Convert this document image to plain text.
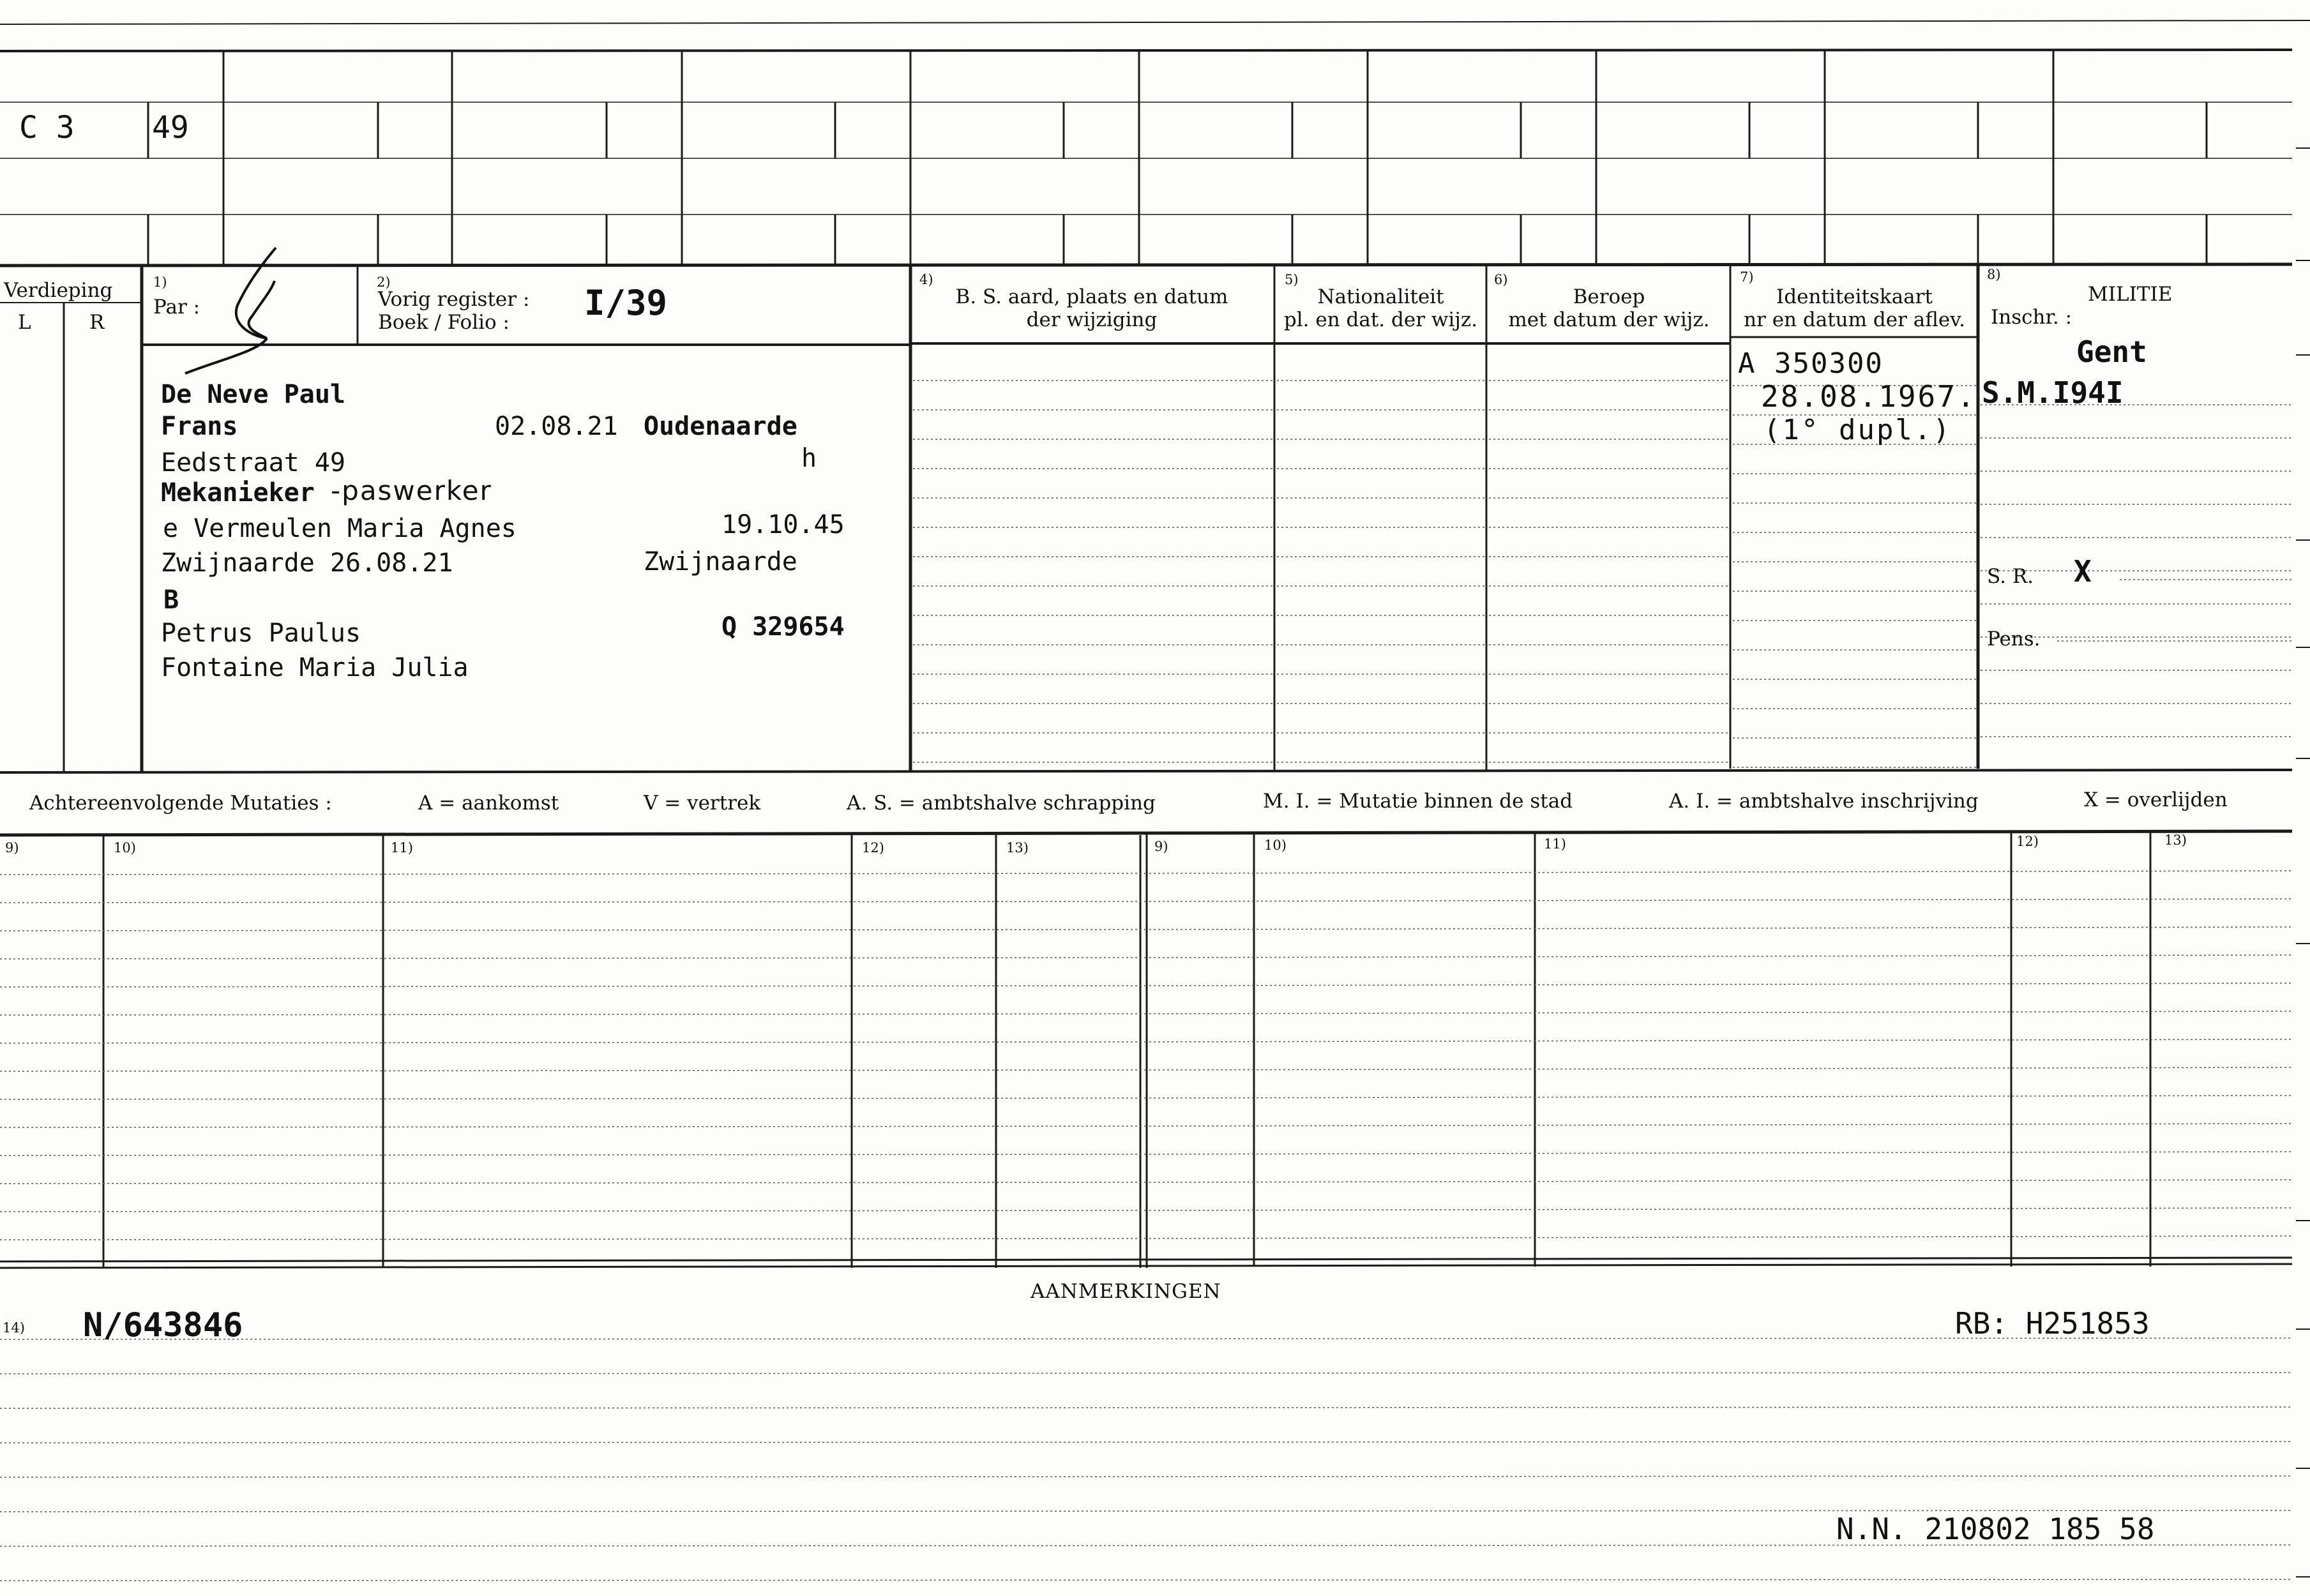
C 3	49
Verdieping
L	R
1)
Par :
2)
Vorig register :
Boek / Folio : I/39
4)
B. S. aard, plaats en datum
der wijziging
5)
Nationaliteit
pl. en dat. der wijz.
6)
Beroep
met datum der wijz.
7)
Identiteitskaart
nr en datum der aflev.
8)
MILITIE
Inschr. :
De Neve Paul
Frans	02.08.21 Oudenaarde
h
Eedstraat 49
Mekanieker -paswerker
e Vermeulen Maria Agnes	19.10.45
Zwijnaarde 26.08.21	Zwijnaarde
B
Petrus Paulus	Q 329654
Fontaine Maria Julia
A 350300
28.08.1967.
(1° dupl.)
Gent
S.M.I94I
S. R. X
Pens.
Achtereenvolgende Mutaties :	A = aankomst	V = vertrek	A. S. = ambtshalve schrapping	M. I. = Mutatie binnen de stad	A. I. = ambtshalve inschrijving	X = overlijden
9)	10)	11)	12)	13)	9)	10)	11)	12)	13)
AANMERKINGEN
14) N/643846	RB: H251853
N.N. 210802 185 58
